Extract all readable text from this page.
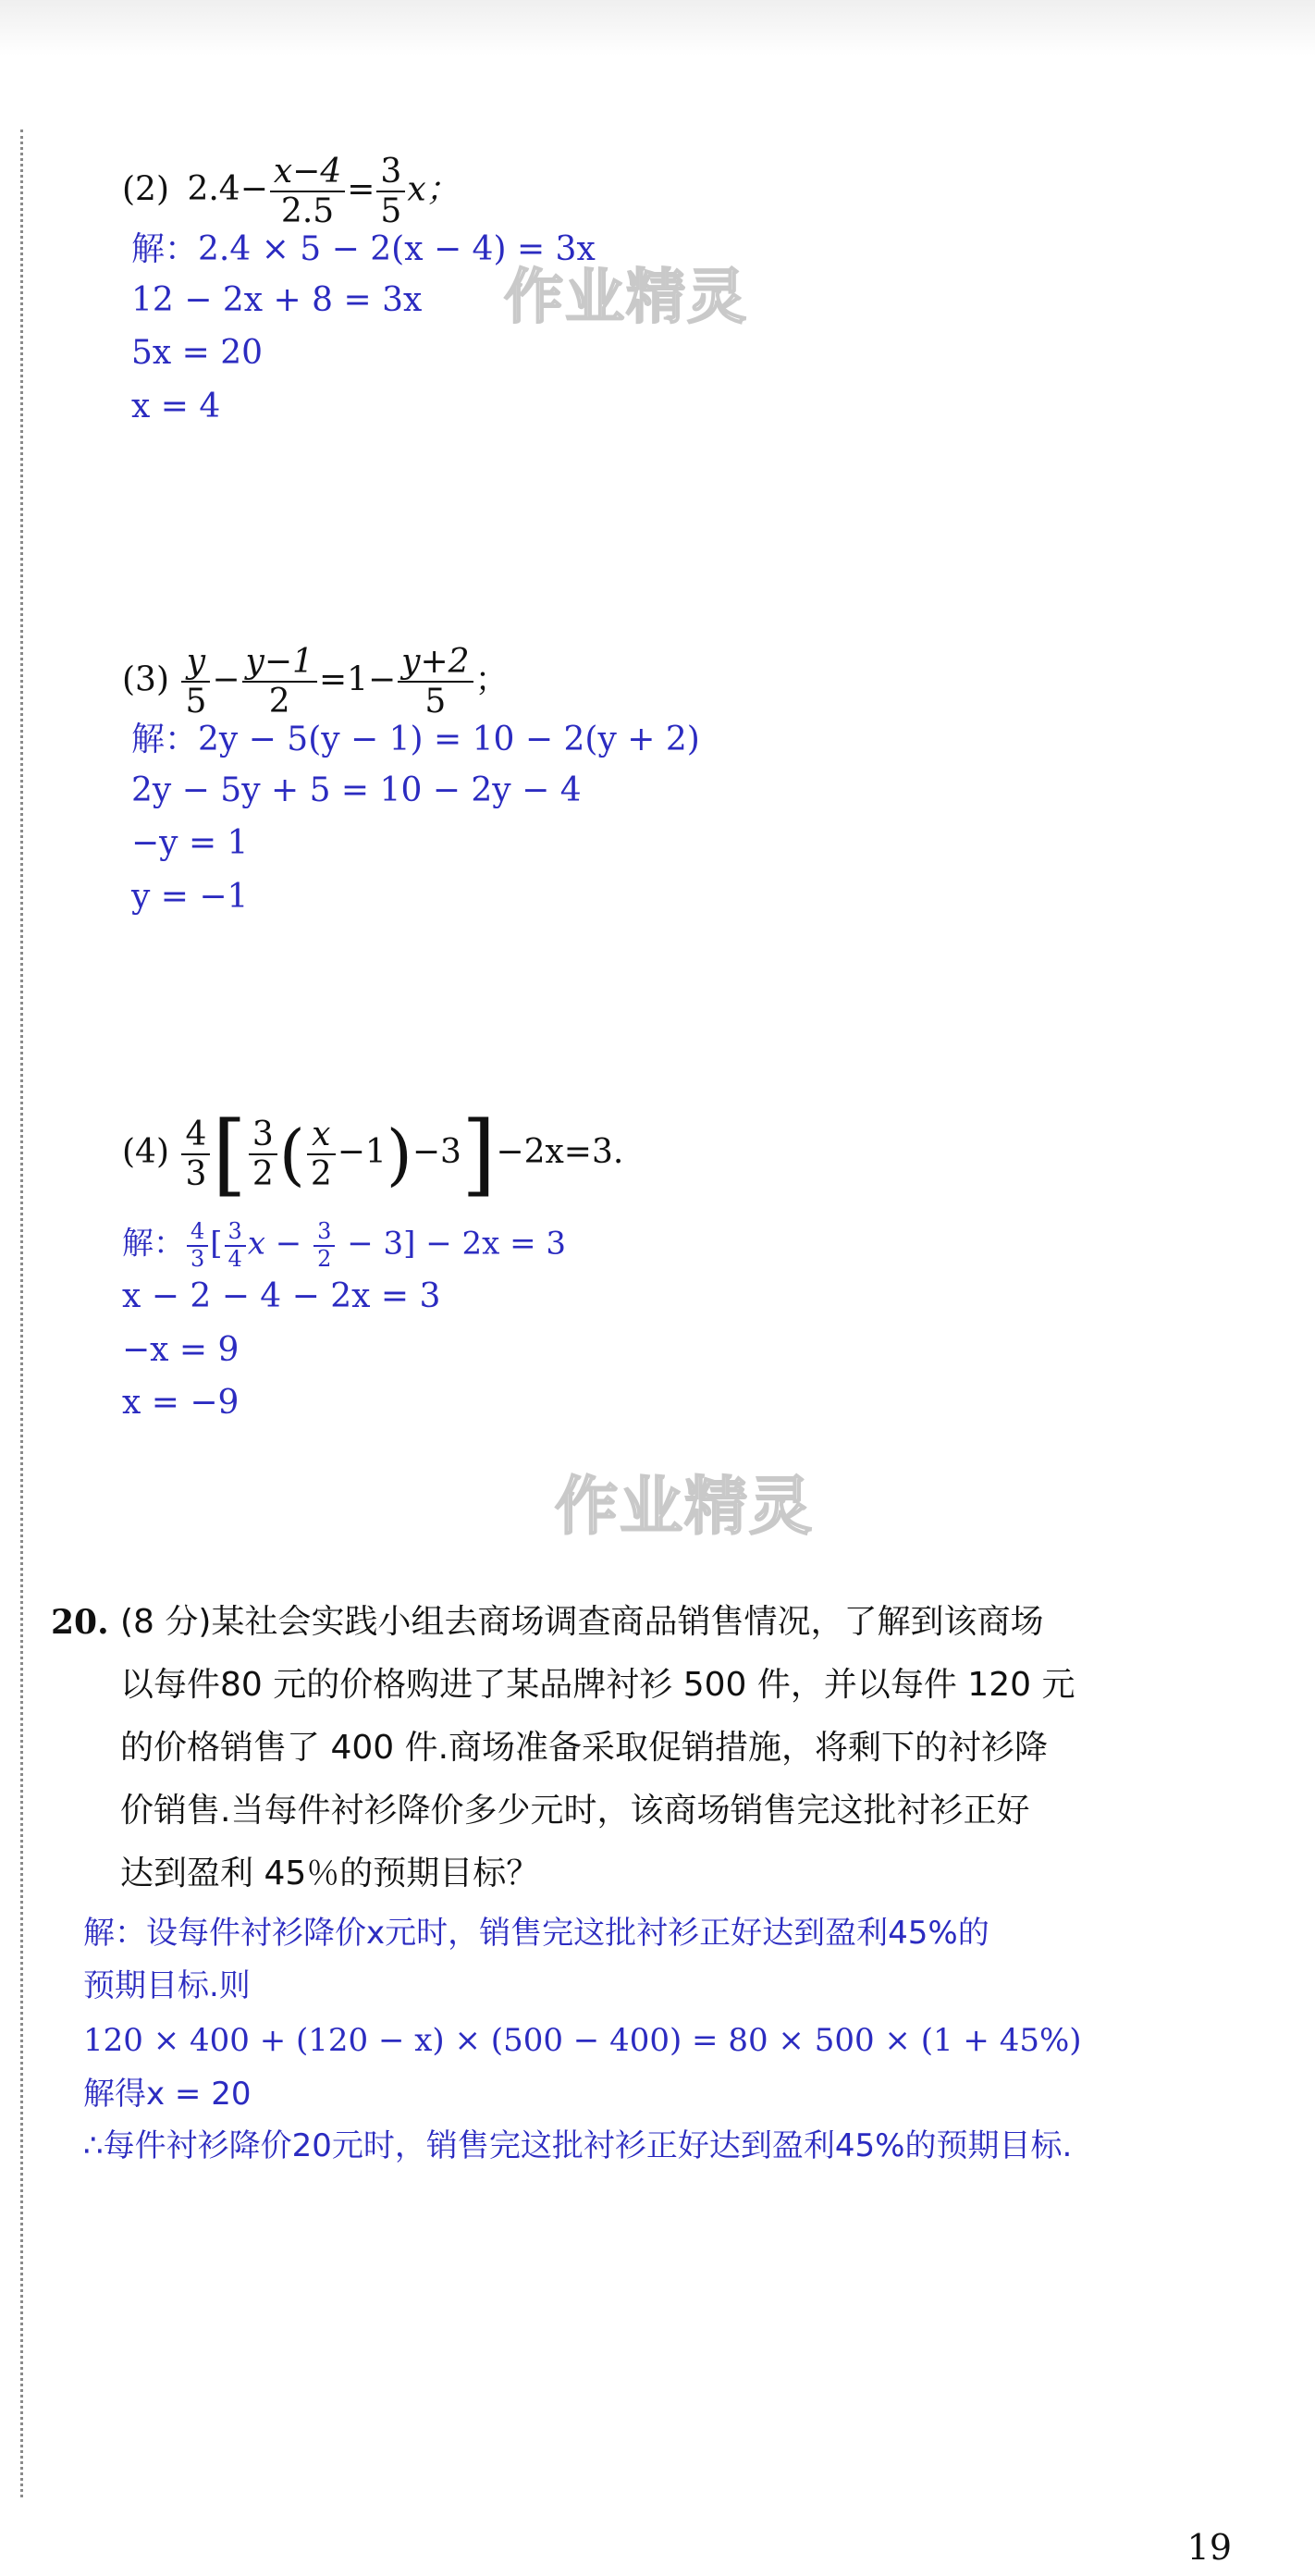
(2) $2.4- \frac{x-4}{2.5} = \frac{3}{5}$ x；
解：2.4 × 5 − 2(x − 4) = 3x
12 − 2x + 8 = 3x
5x = 20
x = 4
作业精灵
$(3) \frac{y}{5} - \frac{y-1}{2} =1- \frac{y+2}{5}$ ；
解：2y − 5(y − 1) = 10 − 2(y + 2)
2y − 5y + 5 = 10 − 2y − 4
−y = 1
y = −1
$(4) \frac{4}{3}$ [ $\frac{3}{2}$ ( $\frac{x}{2} -1)-3]-2x=3$.
解： $\frac{4}{3}$ [ $\frac{3}{4}$ $x - \frac{3}{2} - 3] - 2x = 3$
x − 2 − 4 − 2x = 3
−x = 9
x = −9
作业精灵
20. (8 分)某社会实践小组去商场调查商品销售情况，了解到该商场
以每件80 元的价格购进了某品牌衬衫 500 件，并以每件 120 元
的价格销售了 400 件.商场准备采取促销措施，将剩下的衬衫降
价销售.当每件衬衫降价多少元时，该商场销售完这批衬衫正好
达到盈利 45％的预期目标？
解：设每件衬衫降价x元时，销售完这批衬衫正好达到盈利45%的
预期目标.则
120 × 400 + (120 − x) × (500 − 400) = 80 × 500 × (1 + 45%)
解得x = 20
∴每件衬衫降价20元时，销售完这批衬衫正好达到盈利45%的预期目标.
19
